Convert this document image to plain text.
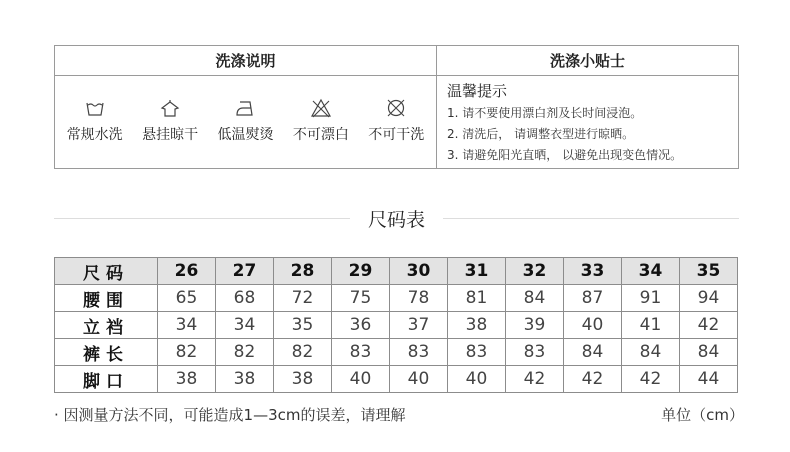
洗涤说明
常规水洗 悬挂晾干 低温熨烫 不可漂白 不可干洗
洗涤小贴士
温馨提示
1. 请不要使用漂白剂及长时间浸泡。
2. 清洗后， 请调整衣型进行晾晒。
3. 请避免阳光直晒， 以避免出现变色情况。
尺码表
尺码	26	27	28	29	30	31	32	33	34	35
腰围	65	68	72	75	78	81	84	87	91	94
立裆	34	34	35	36	37	38	39	40	41	42
裤长	82	82	82	83	83	83	83	84	84	84
脚口	38	38	38	40	40	40	42	42	42	44
· 因测量方法不同，可能造成1—3cm的误差，请理解	单位（cm）
